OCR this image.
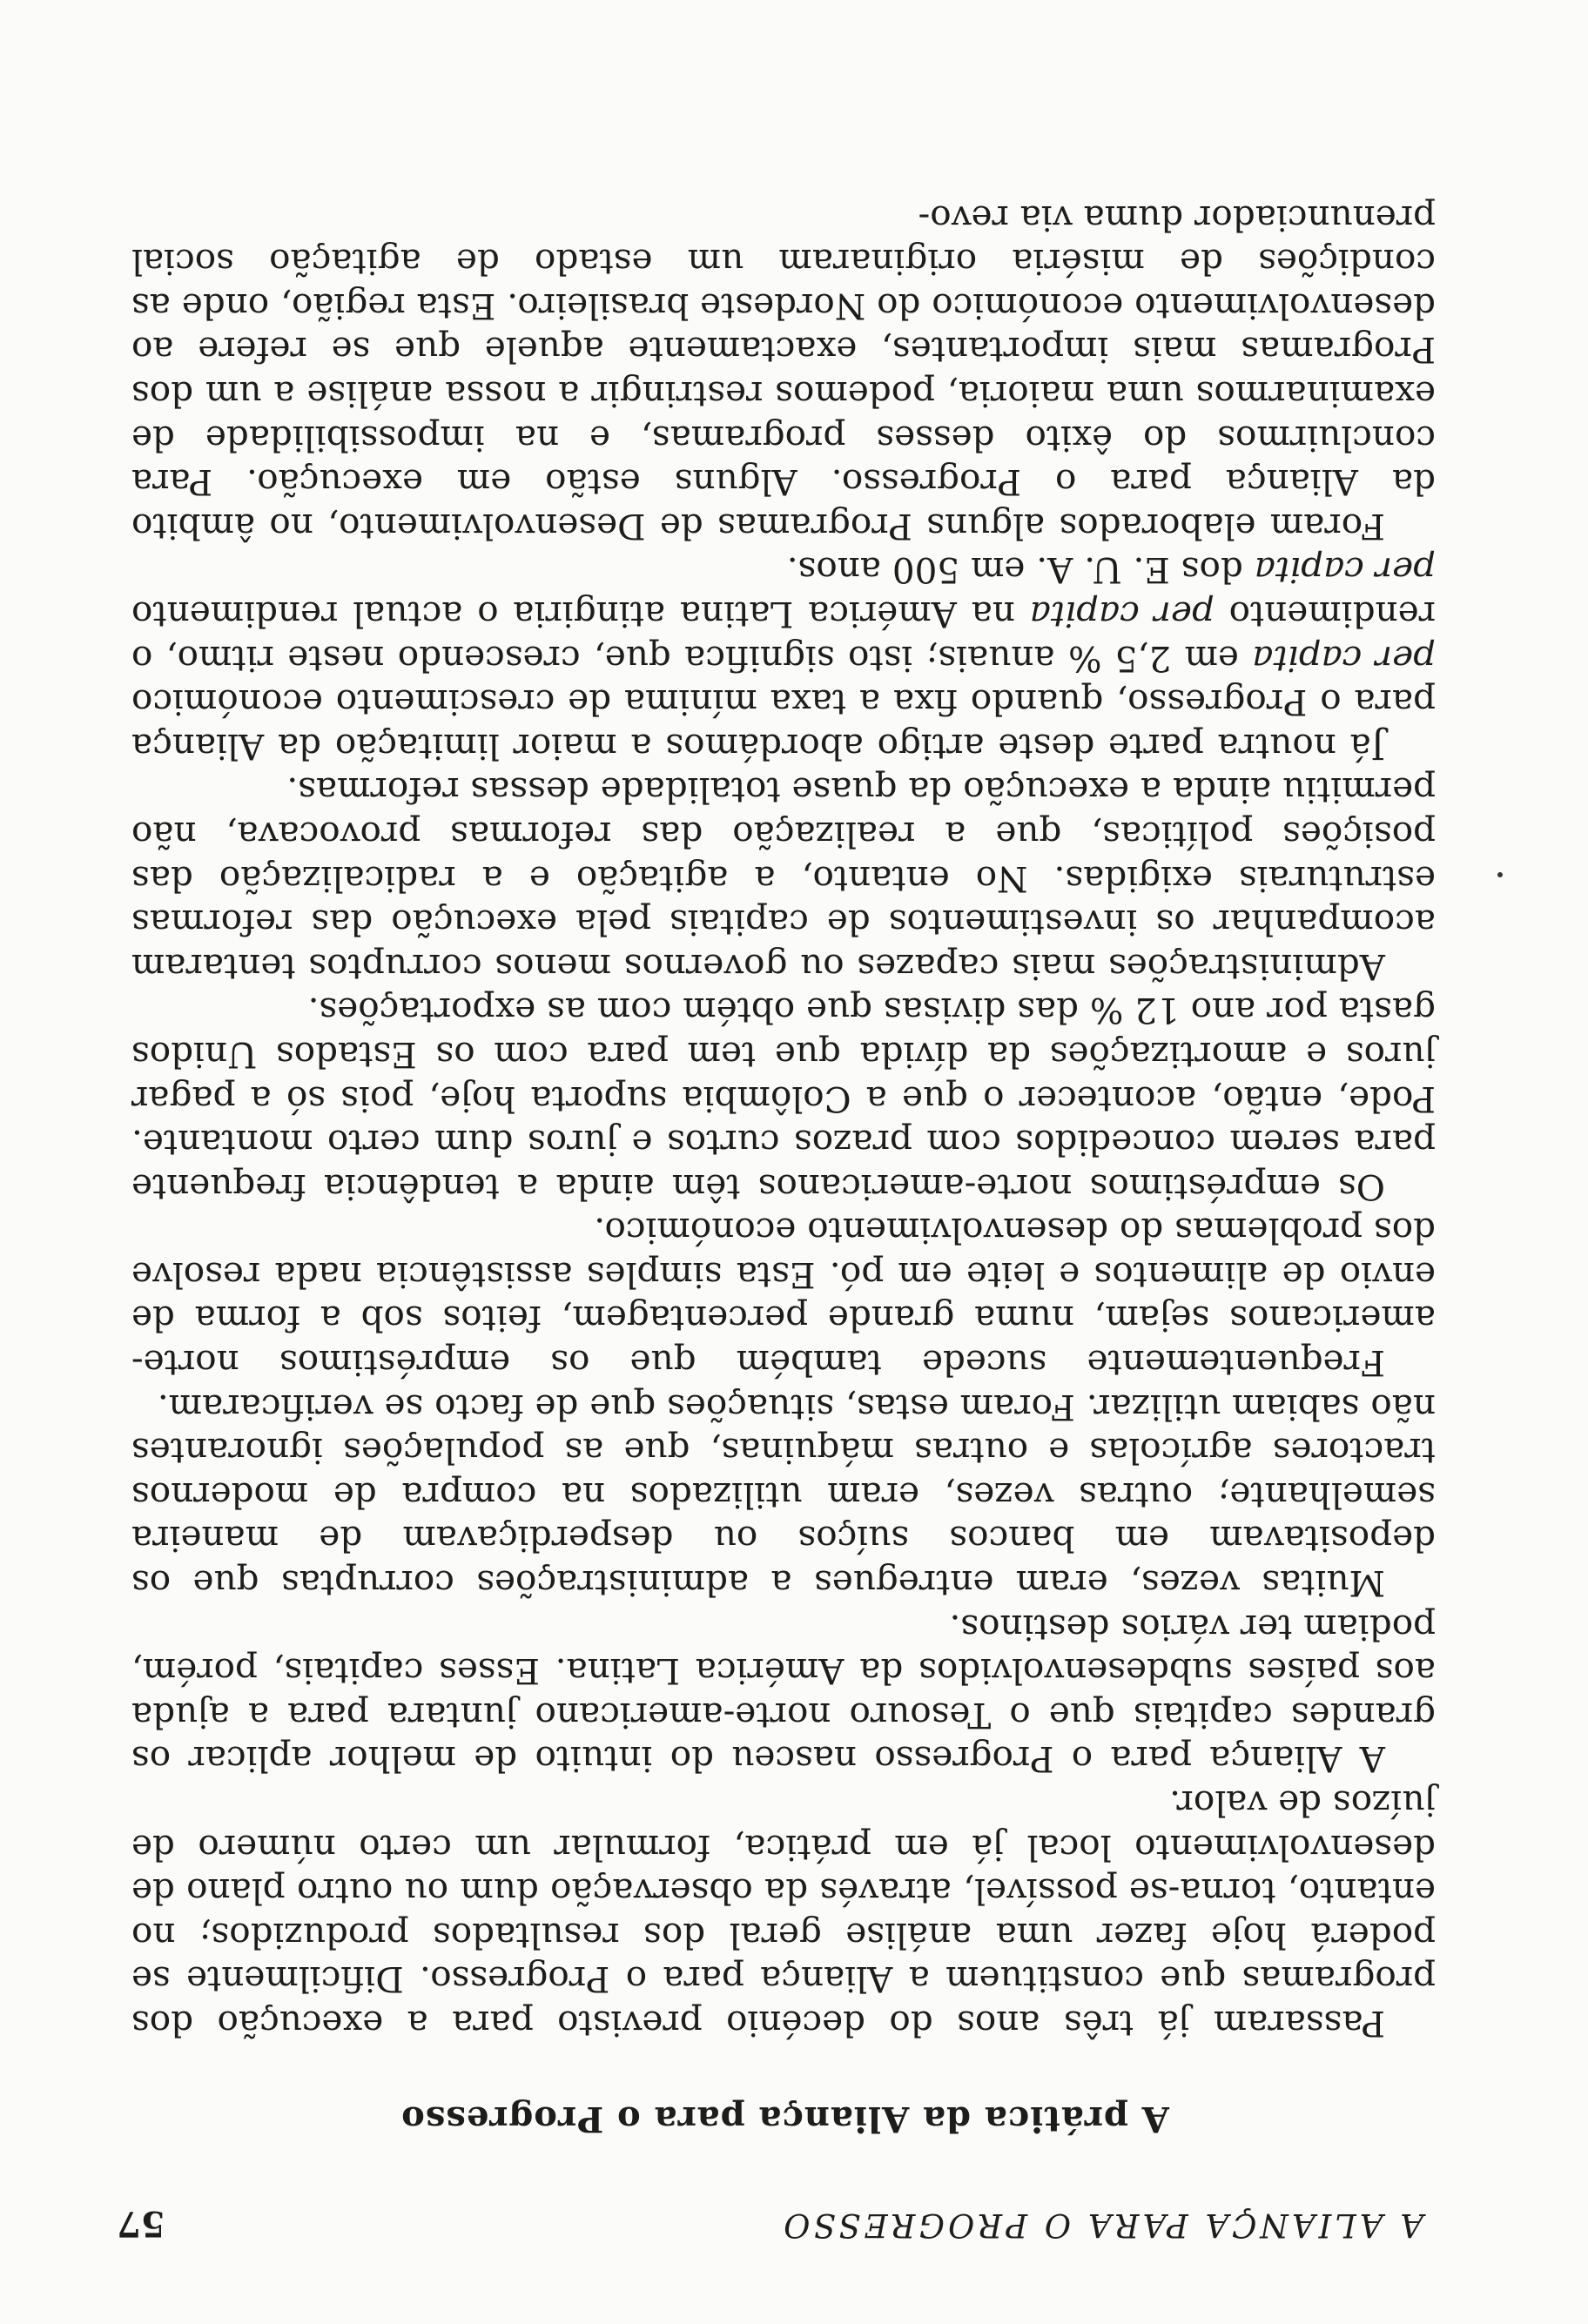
A ALIANÇA PARA O PROGRESSO
57
A prática da Aliança para o Progresso

Passaram já três anos do decénio previsto para a execução dos programas que constituem a Aliança para o Progresso. Dificilmente se poderá hoje fazer uma análise geral dos resultados produzidos; no entanto, torna-se possível, através da observação dum ou outro plano de desenvolvimento local já em prática, formular um certo número de juízos de valor.

A Aliança para o Progresso nasceu do intuito de melhor aplicar os grandes capitais que o Tesouro norte-americano juntara para a ajuda aos países subdesenvolvidos da América Latina. Esses capitais, porém, podiam ter vários destinos.

Muitas vezes, eram entregues a administrações corruptas que os depositavam em bancos suíços ou desperdiçavam de maneira semelhante; outras vezes, eram utilizados na compra de modernos tractores agrícolas e outras máquinas, que as populações ignorantes não sabiam utilizar. Foram estas, situações que de facto se verificaram.

Frequentemente sucede também que os empréstimos norte-americanos sejam, numa grande percentagem, feitos sob a forma de envio de alimentos e leite em pó. Esta simples assistência nada resolve dos problemas do desenvolvimento económico.

Os empréstimos norte-americanos têm ainda a tendência frequente para serem concedidos com prazos curtos e juros dum certo montante. Pode, então, acontecer o que a Colômbia suporta hoje, pois só a pagar juros e amortizações da dívida que tem para com os Estados Unidos gasta por ano 12 % das divisas que obtém com as exportações.

Administrações mais capazes ou governos menos corruptos tentaram acompanhar os investimentos de capitais pela execução das reformas estruturais exigidas. No entanto, a agitação e a radicalização das posições políticas, que a realização das reformas provocava, não permitiu ainda a execução da quase totalidade dessas reformas.

Já noutra parte deste artigo abordámos a maior limitação da Aliança para o Progresso, quando fixa a taxa mínima de crescimento económico per capita em 2,5 % anuais; isto significa que, crescendo neste ritmo, o rendimento per capita na América Latina atingiria o actual rendimento per capita dos E. U. A. em 500 anos.

Foram elaborados alguns Programas de Desenvolvimento, no âmbito da Aliança para o Progresso. Alguns estão em execução. Para concluirmos do êxito desses programas, e na impossibilidade de examinarmos uma maioria, podemos restringir a nossa análise a um dos Programas mais importantes, exactamente aquele que se refere ao desenvolvimento económico do Nordeste brasileiro. Esta região, onde as condições de miséria originaram um estado de agitação social prenunciador duma via revo-
